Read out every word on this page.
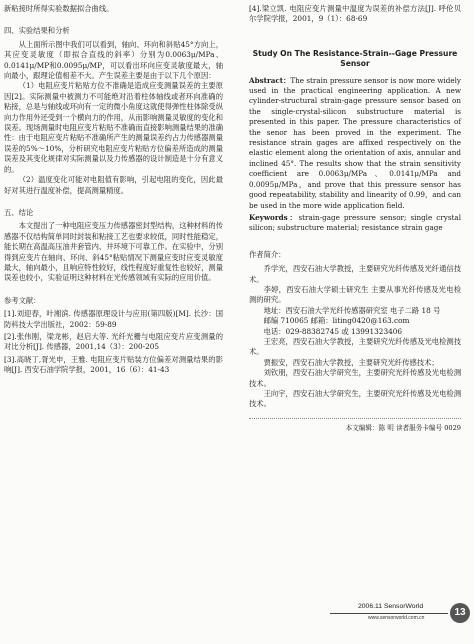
新粘接时所得实验数据拟合曲线。

四、实验结果和分析

从上面所示图中我们可以看到，轴向、环向和斜贴45°方向上，其应变灵敏度（即拟合直线的斜率）分别为0.0063μ/MPa、0.0141μ/MP和0.0095μ/MP，可以看出环向应变灵敏度最大，轴向最小，跟理论值相差不大。产生误差主要是由于以下几个原因：

（1）电阻应变片粘贴方位不准确是造成应变测量误差的主要原因[2]。实际测量中被测力不可能绝对沿着柱体轴线或者环向准确的粘接，总是与轴线或环向有一定的微小角度这就使得弹性柱体除受纵向力作用外还受到一个横向力的作用，从而影响测量灵敏度的变化和误差。现场测量时电阻应变片粘贴不准确而直接影响测量结果的准确性：由于电阻应变片粘贴不准确所产生的测量误差约占力传感器测量误差的5%～10%，分析研究电阻应变片粘贴方位偏差所造成的测量误差及其变化规律对实际测量以及力传感器的设计制造是十分有意义的。

（2）温度变化可能对电阻值有影响，引起电阻的变化，因此最好对其进行温度补偿，提高测量精度。

五、结论

本文提出了一种电阻应变压力传感器密封型结构，这种材料的传感器不仅结构简单同时封装和粘接工艺也要求较低，同时性能稳定，能长期在高温高压油井套管内、井环境下可靠工作。在实验中，分别得到应变片在轴向、环向、斜45°粘贴情况下测量应变时应变灵敏度最大，轴向最小，且响应特性较好，线性程度好重复性也较好，测量误差也较小，实验证明这种材料在光传感领域有实际的应用价值。

参考文献：

[1].刘迎春，叶湘滨. 传感器原理设计与应用(第四版)[M]. 长沙：国防科技大学出版社，2002：59-89

[2].张伟刚，梁龙彬，赵启大等. 光纤光栅与电阻应变片应变测量的对比分析[J]. 传感器，2001,14（3）：200-205

[3].高晓丁,胥光申，王雅. 电阻应变片贴装方位偏差对测量结果的影响[J]. 西安石油学院学报，2001，16（6）：41-43

[4].梁立凯. 电阻应变片测量中温度为误差的补偿方法[J]. 呼伦贝尔学院学报，2001，9（1）：68-69

Study On The Resistance-Strain--Gage Pressure Sensor

Abstract：The strain pressure sensor is now more widely used in the practical engineering application. A new cylinder-structural strain-gage pressure sensor based on the single-crystal-silicon substructure material is presented in this paper. The pressure characteristics of the senor has been proved in the experiment. The resistance strain gages are affixed respectively on the elastic element along the orientation of axis, annular and inclined 45°. The results show that the strain sensitivity coefficient are 0.0063μ/MPa、0.0141μ/MPa and 0.0095μ/MPa，and prove that this pressure sensor has good repeatability, stability and linearity of 0.99，and can be used in the more wide application field.

Keywords：strain-gage pressure sensor; single crystal silicon; substructure material; resistance strain gage

作者简介：

乔学光，西安石油大学教授，主要研究光纤传感及光纤通信技术。

李婷，西安石油大学硕士研究生 主要从事光纤传感及光电检测的研究。

地址：西安石油大学光纤传感器研究室 电子二路 18 号

邮编 710065 邮箱：liting0420@163.com

电话：029-88382745 或 13991323406

王宏亮，西安石油大学教授，主要研究光纤传感及光电检测技术。

贾振安，西安石油大学教授，主要研究光纤传感技术；

刘钦朋，西安石油大学研究生，主要研究光纤传感及光电检测技术。

王向宇，西安石油大学研究生，主要研究光纤传感及光电检测技术。

本文编辑：陈 明 读者服务卡编号 0029

2006.11 SensorWorld
www.sensorworld.com.cn	13
